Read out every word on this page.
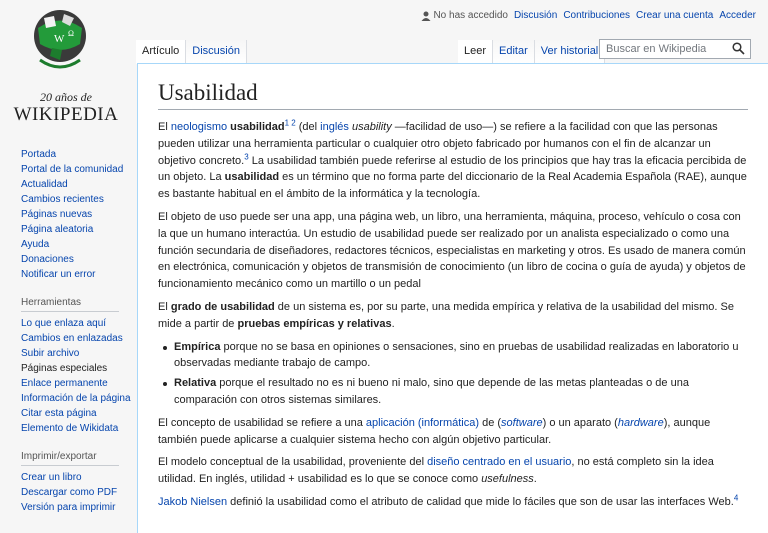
W Ω
20 años de
WIKIPEDIA
No has accedido Discusión Contribuciones Crear una cuenta Acceder
Artículo	Discusión	Leer	Editar	Ver historial Buscar en Wikipedia
Portada
Portal de la comunidad
Actualidad
Cambios recientes
Páginas nuevas
Página aleatoria
Ayuda
Donaciones
Notificar un error
Herramientas
Lo que enlaza aquí
Cambios en enlazadas
Subir archivo
Páginas especiales
Enlace permanente
Información de la página
Citar esta página
Elemento de Wikidata
Imprimir/exportar
Crear un libro
Descargar como PDF
Versión para imprimir
Usabilidad

El neologismo usabilidad$^{1 2}$ (del inglés usability —facilidad de uso—) se refiere a la facilidad con que las personas pueden utilizar una herramienta particular o cualquier otro objeto fabricado por humanos con el fin de alcanzar un objetivo concreto.$^3$ La usabilidad también puede referirse al estudio de los principios que hay tras la eficacia percibida de un objeto. La usabilidad es un término que no forma parte del diccionario de la Real Academia Española (RAE), aunque es bastante habitual en el ámbito de la informática y la tecnología.

El objeto de uso puede ser una app, una página web, un libro, una herramienta, máquina, proceso, vehículo o cosa con la que un humano interactúa. Un estudio de usabilidad puede ser realizado por un analista especializado o como una función secundaria de diseñadores, redactores técnicos, especialistas en marketing y otros. Es usado de manera común en electrónica, comunicación y objetos de transmisión de conocimiento (un libro de cocina o guía de ayuda) y objetos de funcionamiento mecánico como un martillo o un pedal

El grado de usabilidad de un sistema es, por su parte, una medida empírica y relativa de la usabilidad del mismo. Se mide a partir de pruebas empíricas y relativas.

Empírica porque no se basa en opiniones o sensaciones, sino en pruebas de usabilidad realizadas en laboratorio u observadas mediante trabajo de campo.
Relativa porque el resultado no es ni bueno ni malo, sino que depende de las metas planteadas o de una comparación con otros sistemas similares.

El concepto de usabilidad se refiere a una aplicación (informática) de (software) o un aparato (hardware), aunque también puede aplicarse a cualquier sistema hecho con algún objetivo particular.

El modelo conceptual de la usabilidad, proveniente del diseño centrado en el usuario, no está completo sin la idea utilidad. En inglés, utilidad + usabilidad es lo que se conoce como usefulness.

Jakob Nielsen definió la usabilidad como el atributo de calidad que mide lo fáciles que son de usar las interfaces Web.$^4$
